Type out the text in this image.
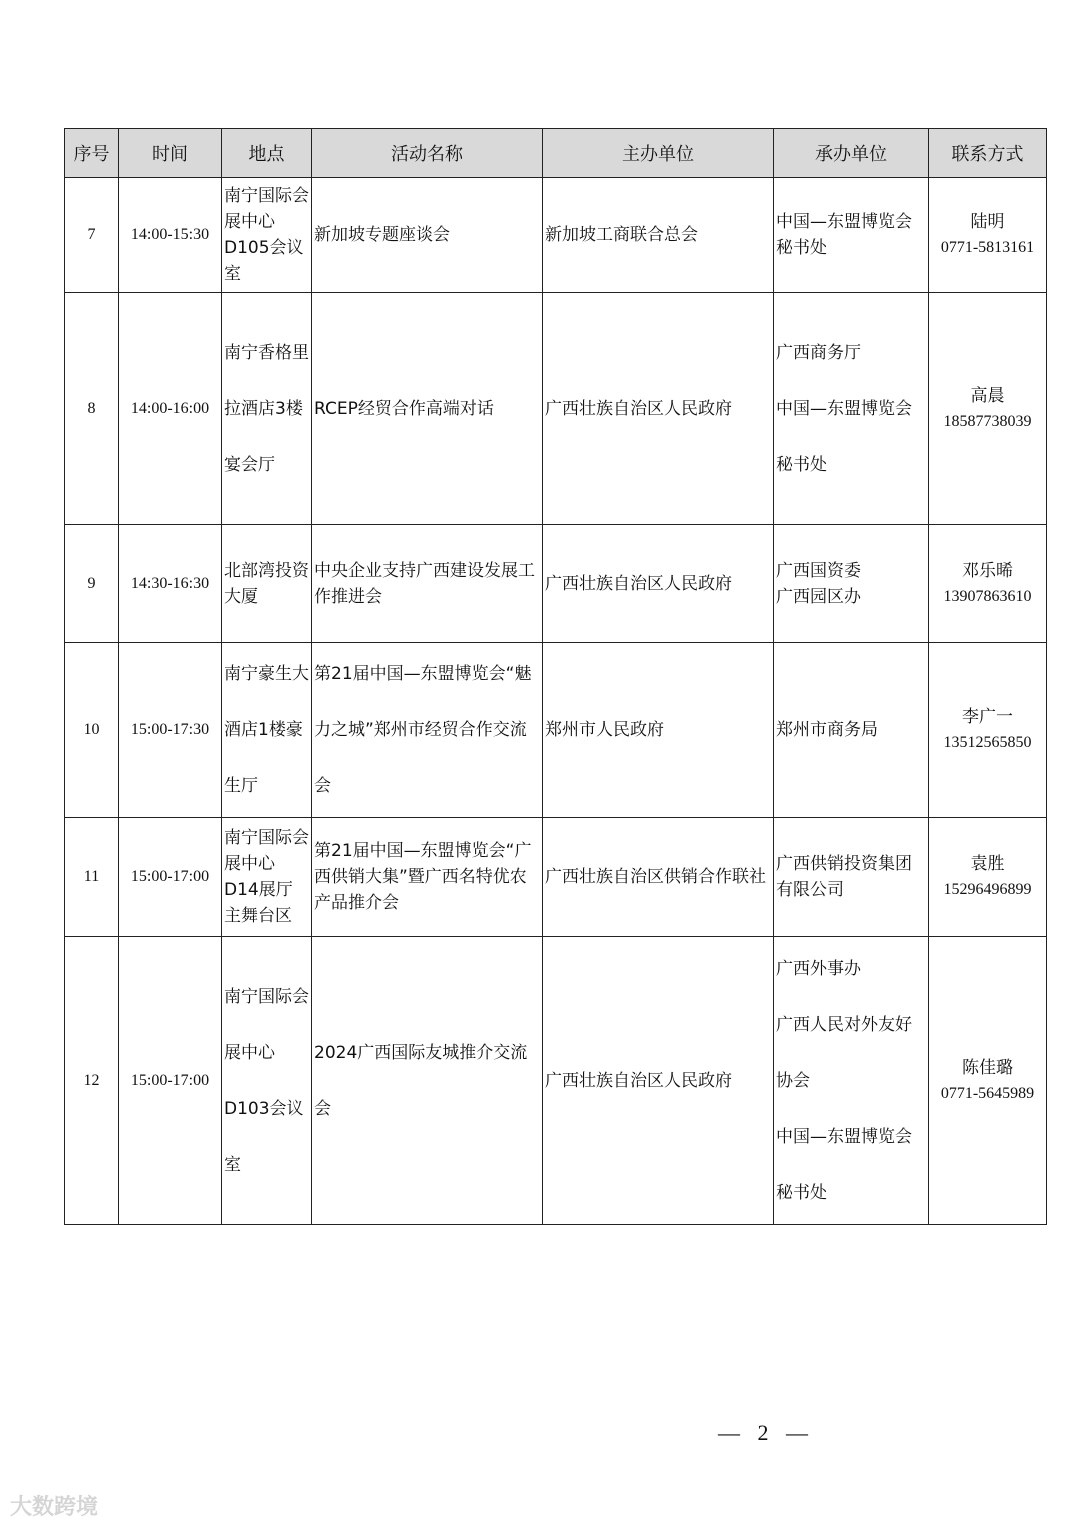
序号	时间	地点	活动名称	主办单位	承办单位	联系方式
7	14:00-15:30	南宁国际会展中心D105会议室	新加坡专题座谈会	新加坡工商联合总会	中国—东盟博览会秘书处	陆明
0771-5813161

8	14:00-16:00	南宁香格里拉酒店3楼宴会厅	RCEP经贸合作高端对话	广西壮族自治区人民政府	广西商务厅
中国—东盟博览会秘书处	高晨
18587738039

9	14:30-16:30	北部湾投资大厦	中央企业支持广西建设发展工作推进会	广西壮族自治区人民政府	广西国资委
广西园区办	邓乐晞
13907863610

10	15:00-17:30	南宁豪生大酒店1楼豪生厅	第21届中国—东盟博览会“魅力之城”郑州市经贸合作交流会	郑州市人民政府	郑州市商务局	李广一
13512565850

11	15:00-17:00	南宁国际会展中心D14展厅主舞台区	第21届中国—东盟博览会“广西供销大集”暨广西名特优农产品推介会	广西壮族自治区供销合作联社	广西供销投资集团有限公司	袁胜
15296496899

12	15:00-17:00	南宁国际会展中心D103会议室	2024广西国际友城推介交流会	广西壮族自治区人民政府	广西外事办
广西人民对外友好协会
中国—东盟博览会秘书处	陈佳璐
0771-5645989
— 2 —
大数跨境
